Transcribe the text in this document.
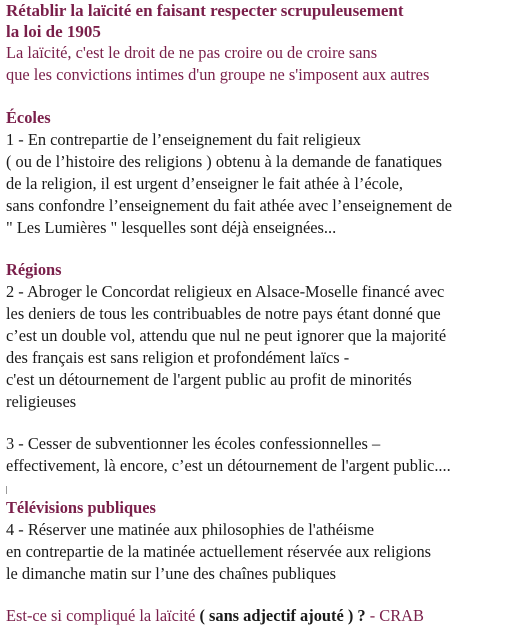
Rétablir la laïcité en faisant respecter scrupuleusement
la loi de 1905
La laïcité, c'est le droit de ne pas croire ou de croire sans
que les convictions intimes d'un groupe ne s'imposent aux autres
Écoles
1 - En contrepartie de l’enseignement du fait religieux
( ou de l’histoire des religions ) obtenu à la demande de fanatiques
de la religion, il est urgent d’enseigner le fait athée à l’école,
sans confondre l’enseignement du fait athée avec l’enseignement de
" Les Lumières " lesquelles sont déjà enseignées...
Régions
2 - Abroger le Concordat religieux en Alsace-Moselle financé avec
les deniers de tous les contribuables de notre pays étant donné que
c’est un double vol, attendu que nul ne peut ignorer que la majorité
des français est sans religion et profondément laïcs -
c'est un détournement de l'argent public au profit de minorités
religieuses
3 - Cesser de subventionner les écoles confessionnelles –
effectivement, là encore, c’est un détournement de l'argent public....
Télévisions publiques
4 - Réserver une matinée aux philosophies de l'athéisme
en contrepartie de la matinée actuellement réservée aux religions
le dimanche matin sur l’une des chaînes publiques
Est-ce si compliqué la laïcité ( sans adjectif ajouté ) ? - CRAB
